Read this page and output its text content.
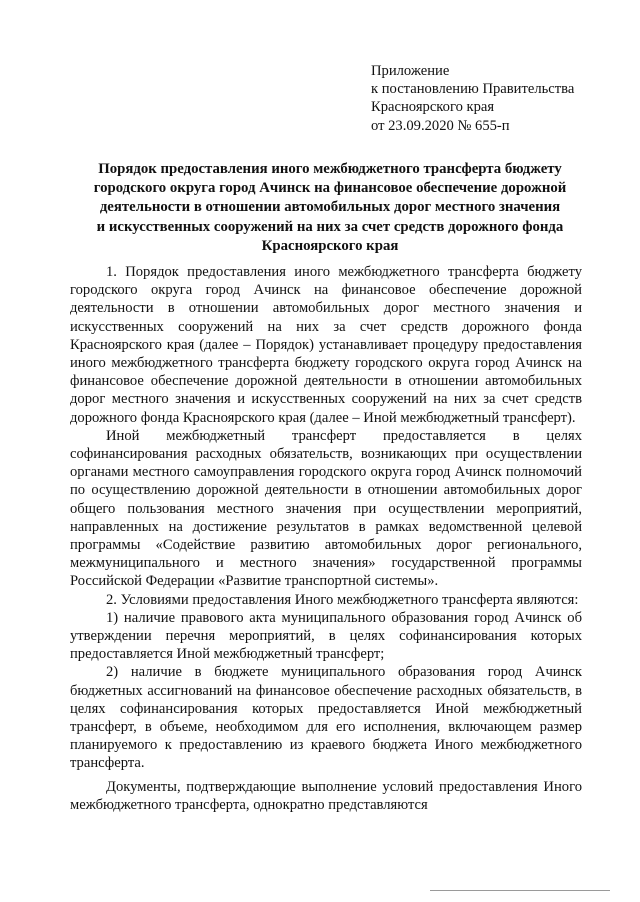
Приложение
к постановлению Правительства
Красноярского края
от 23.09.2020 № 655-п
Порядок предоставления иного межбюджетного трансферта бюджету
городского округа город Ачинск на финансовое обеспечение дорожной
деятельности в отношении автомобильных дорог местного значения
и искусственных сооружений на них за счет средств дорожного фонда
Красноярского края

1. Порядок предоставления иного межбюджетного трансферта бюджету городского округа город Ачинск на финансовое обеспечение дорожной деятельности в отношении автомобильных дорог местного значения и искусственных сооружений на них за счет средств дорожного фонда Красноярского края (далее – Порядок) устанавливает процедуру предоставления иного межбюджетного трансферта бюджету городского округа город Ачинск на финансовое обеспечение дорожной деятельности в отношении автомобильных дорог местного значения и искусственных сооружений на них за счет средств дорожного фонда Красноярского края (далее – Иной межбюджетный трансферт).

Иной межбюджетный трансферт предоставляется в целях софинансирования расходных обязательств, возникающих при осуществлении органами местного самоуправления городского округа город Ачинск полномочий по осуществлению дорожной деятельности в отношении автомобильных дорог общего пользования местного значения при осуществлении мероприятий, направленных на достижение результатов в рамках ведомственной целевой программы «Содействие развитию автомобильных дорог регионального, межмуниципального и местного значения» государственной программы Российской Федерации «Развитие транспортной системы».

2. Условиями предоставления Иного межбюджетного трансферта являются:

1) наличие правового акта муниципального образования город Ачинск об утверждении перечня мероприятий, в целях софинансирования которых предоставляется Иной межбюджетный трансферт;

2) наличие в бюджете муниципального образования город Ачинск бюджетных ассигнований на финансовое обеспечение расходных обязательств, в целях софинансирования которых предоставляется Иной межбюджетный трансферт, в объеме, необходимом для его исполнения, включающем размер планируемого к предоставлению из краевого бюджета Иного межбюджетного трансферта.

Документы, подтверждающие выполнение условий предоставления Иного межбюджетного трансферта, однократно представляются
